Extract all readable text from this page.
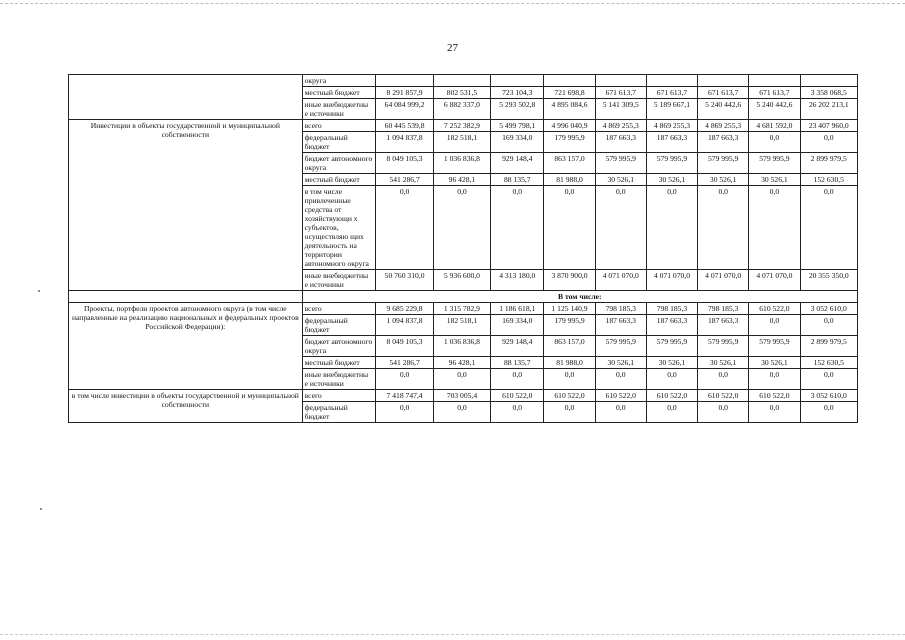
27
	округа									
	местный бюджет	8 291 857,9	802 531,5	723 104,3	721 698,8	671 613,7	671 613,7	671 613,7	671 613,7	3 358 068,5
	иные внебюджетны е источники	64 084 999,2	6 882 337,0	5 293 502,8	4 895 084,6	5 141 309,5	5 189 667,1	5 240 442,6	5 240 442,6	26 202 213,1
Инвестиции в объекты государственной и муниципальной собственности	всего	60 445 539,8	7 252 382,9	5 499 798,1	4 996 040,9	4 869 255,3	4 869 255,3	4 869 255,3	4 681 592,0	23 407 960,0
	федеральный бюджет	1 094 837,8	182 518,1	169 334,0	179 995,9	187 663,3	187 663,3	187 663,3	0,0	0,0
	бюджет автономного округа	8 049 105,3	1 036 836,8	929 148,4	863 157,0	579 995,9	579 995,9	579 995,9	579 995,9	2 899 979,5
	местный бюджет	541 286,7	96 428,1	88 135,7	81 988,0	30 526,1	30 526,1	30 526,1	30 526,1	152 630,5
	в том числе привлеченные средства от хозяйствующи х субъектов, осуществляю щих деятельность на территории автономного округа	0,0	0,0	0,0	0,0	0,0	0,0	0,0	0,0	0,0
	иные внебюджетны е источники	50 760 310,0	5 936 600,0	4 313 180,0	3 870 900,0	4 071 070,0	4 071 070,0	4 071 070,0	4 071 070,0	20 355 350,0
	В том числе:									
Проекты, портфели проектов автономного округа (в том числе направленные на реализацию национальных и федеральных проектов Российской Федерации):	всего	9 685 229,8	1 315 782,9	1 186 618,1	1 125 140,9	798 185,3	798 185,3	798 185,3	610 522,0	3 052 610,0
	федеральный бюджет	1 094 837,8	182 518,1	169 334,0	179 995,9	187 663,3	187 663,3	187 663,3	0,0	0,0
	бюджет автономного округа	8 049 105,3	1 036 836,8	929 148,4	863 157,0	579 995,9	579 995,9	579 995,9	579 995,9	2 899 979,5
	местный бюджет	541 286,7	96 428,1	88 135,7	81 988,0	30 526,1	30 526,1	30 526,1	30 526,1	152 630,5
	иные внебюджетны е источники	0,0	0,0	0,0	0,0	0,0	0,0	0,0	0,0	0,0
в том числе инвестиции в объекты государственной и муниципальной собственности	всего	7 418 747,4	703 005,4	610 522,0	610 522,0	610 522,0	610 522,0	610 522,0	610 522,0	3 052 610,0
	федеральный бюджет	0,0	0,0	0,0	0,0	0,0	0,0	0,0	0,0	0,0
